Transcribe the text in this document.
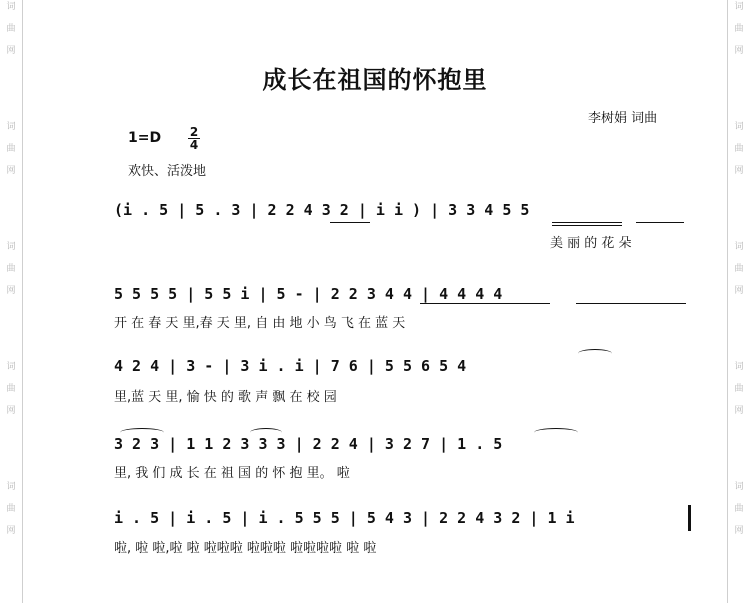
词
曲
网
词
曲
网
词
曲
网
词
曲
网
词
曲
网
词
曲
网
词
曲
网
词
曲
网
词
曲
网
词
曲
网
成长在祖国的怀抱里
李树娟 词曲
$1=D \frac{2}{4}$
欢快、活泼地
(i . 5 | 5 . 3 | 2 2 4 3 2 | i i ) | 3 3 4 5 5
美 丽 的 花 朵
5 5 5 5 | 5 5 i | 5 - | 2 2 3 4 4 | 4 4 4 4
开 在 春 天 里,春 天 里, 自 由 地 小 鸟 飞 在 蓝 天
4 2 4 | 3 - | 3 i . i | 7 6 | 5 5 6 5 4
里,蓝 天 里, 愉 快 的 歌 声 飘 在 校 园
3 2 3 | 1 1 2 3 3 3 | 2 2 4 | 3 2 7 | 1 . 5
里, 我 们 成 长 在 祖 国 的 怀 抱 里。 啦
i . 5 | i . 5 | i . 5 5 5 | 5 4 3 | 2 2 4 3 2 | 1 i
啦, 啦 啦,啦 啦 啦啦啦 啦啦啦 啦啦啦啦 啦 啦
